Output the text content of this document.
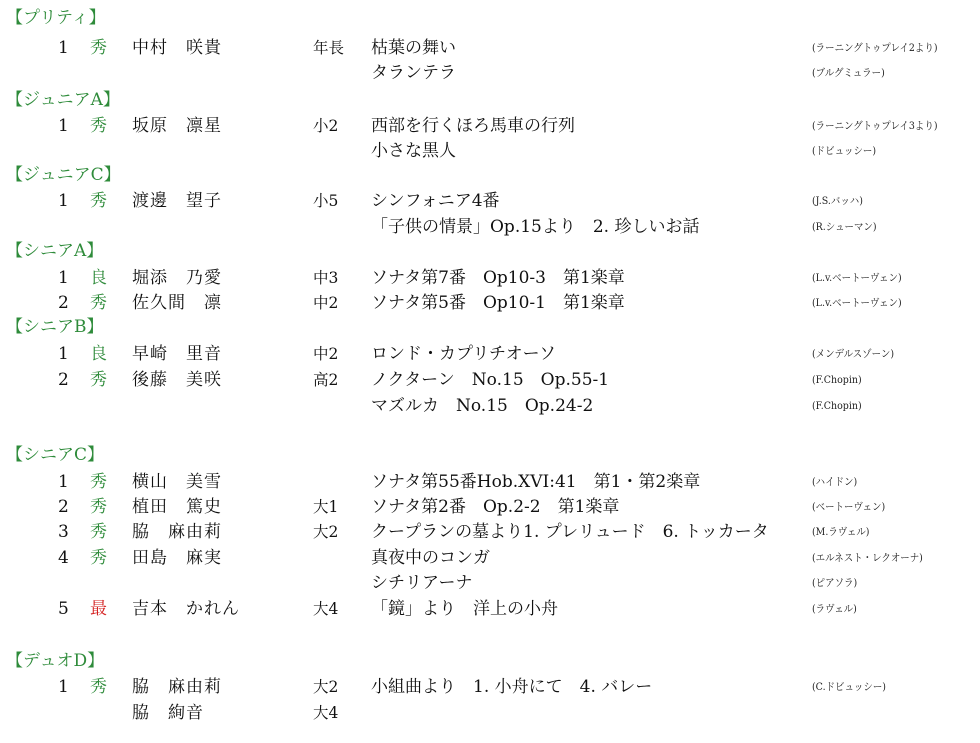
【プリティ】
1 秀 中村　咲貴	年長 枯葉の舞い	(ラーニングトゥプレイ2より)
タランテラ	(ブルグミュラー)
【ジュニアA】
1 秀 坂原　凛星	小2 西部を行くほろ馬車の行列	(ラーニングトゥプレイ3より)
小さな黒人	(ドビュッシー)
【ジュニアC】
1 秀 渡邊　望子	小5 シンフォニア4番	(J.S.バッハ)
「子供の情景」Op.15より　2. 珍しいお話	(R.シューマン)
【シニアA】
1 良 堀添　乃愛	中3 ソナタ第7番　Op10-3　第1楽章	(L.v.ベートーヴェン)
2 秀 佐久間　凛	中2 ソナタ第5番　Op10-1　第1楽章	(L.v.ベートーヴェン)
【シニアB】
1 良 早崎　里音	中2 ロンド・カプリチオーソ	(メンデルスゾーン)
2 秀 後藤　美咲	高2 ノクターン　No.15　Op.55-1	(F.Chopin)
マズルカ　No.15　Op.24-2	(F.Chopin)
【シニアC】
1 秀 横山　美雪	ソナタ第55番Hob.XVI:41　第1・第2楽章	(ハイドン)
2 秀 植田　篤史	大1 ソナタ第2番　Op.2-2　第1楽章	(ベートーヴェン)
3 秀 脇　麻由莉	大2 クープランの墓より1. プレリュード　6. トッカータ	(M.ラヴェル)
4 秀 田島　麻実	真夜中のコンガ	(エルネスト・レクオーナ)
シチリアーナ	(ピアソラ)
5 最 吉本　かれん	大4 「鏡」より　洋上の小舟	(ラヴェル)
【デュオD】
1 秀 脇　麻由莉	大2 小組曲より　1. 小舟にて　4. バレー	(C.ドビュッシー)
脇　絢音	大4
